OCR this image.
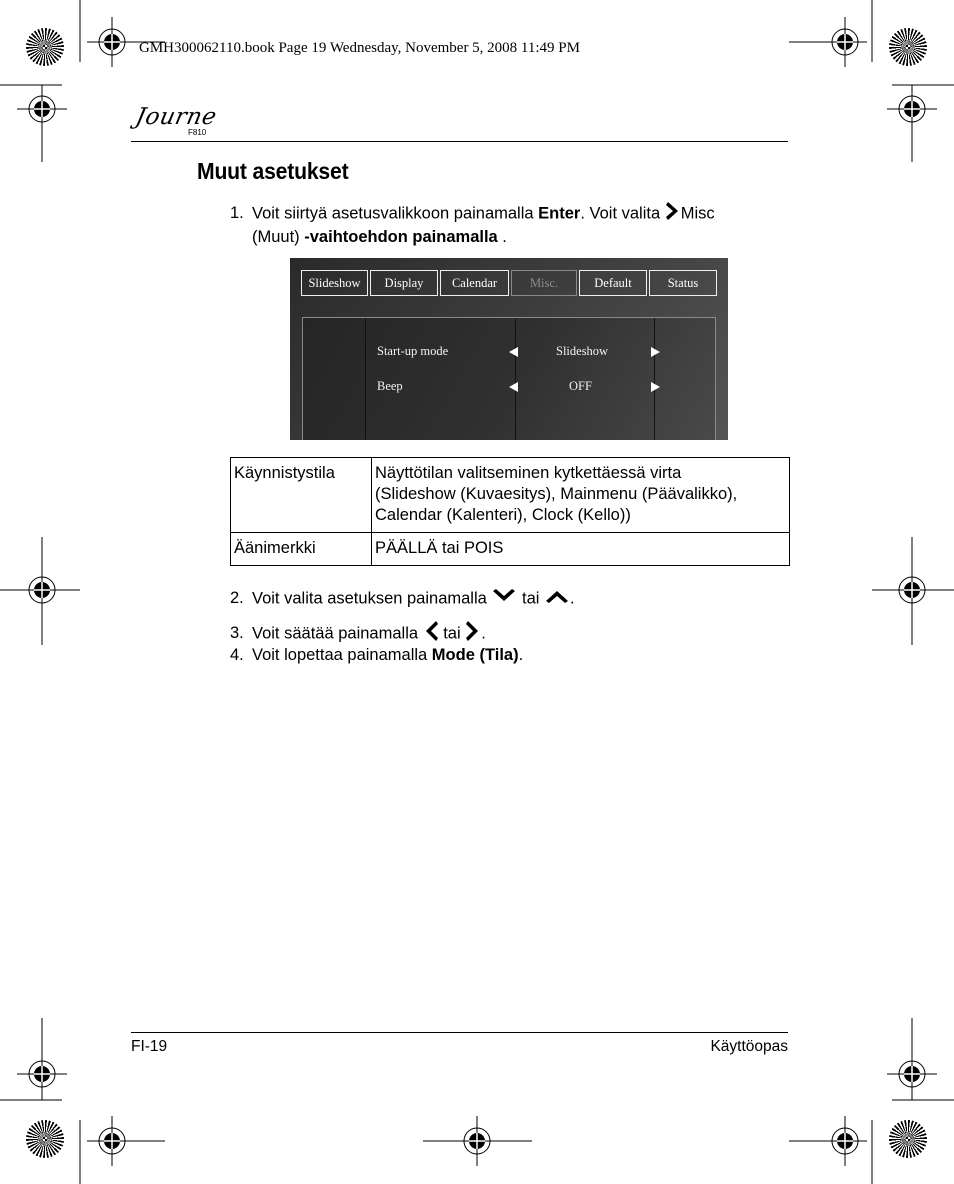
GMH300062110.book Page 19 Wednesday, November 5, 2008 11:49 PM
Journe
F810
Muut asetukset
1. Voit siirtyä asetusvalikkoon painamalla Enter. Voit valita Misc
(Muut) -vaihtoehdon painamalla .
Slideshow	Display	Calendar	Misc.	Default	Status
Start-up mode	Slideshow
Beep	OFF
Käynnistystila	Näyttötilan valitseminen kytkettäessä virta
(Slideshow (Kuvaesitys), Mainmenu (Päävalikko),
Calendar (Kalenteri), Clock (Kello))

Äänimerkki	PÄÄLLÄ tai POIS
2. Voit valita asetuksen painamalla  tai .
3. Voit säätää painamalla  tai .
4. Voit lopettaa painamalla Mode (Tila).
FI-19	Käyttöopas
